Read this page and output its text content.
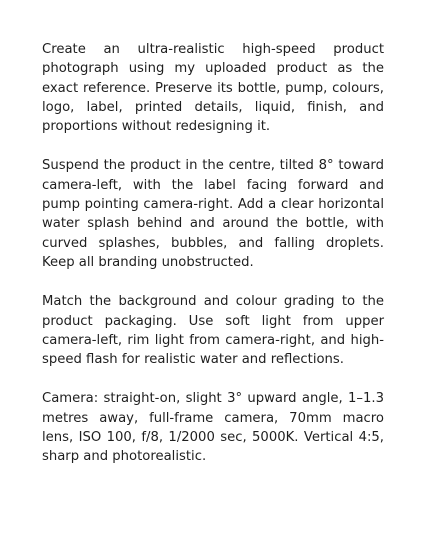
Create an ultra-realistic high-speed product photograph using my uploaded product as the exact reference. Preserve its bottle, pump, colours, logo, label, printed details, liquid, finish, and proportions without redesigning it.

Suspend the product in the centre, tilted 8° toward camera-left, with the label facing forward and pump pointing camera-right. Add a clear horizontal water splash behind and around the bottle, with curved splashes, bubbles, and falling droplets. Keep all branding unobstructed.

Match the background and colour grading to the product packaging. Use soft light from upper camera-left, rim light from camera-right, and high-speed flash for realistic water and reflections.

Camera: straight-on, slight 3° upward angle, 1–1.3 metres away, full-frame camera, 70mm macro lens, ISO 100, f/8, 1/2000 sec, 5000K. Vertical 4:5, sharp and photorealistic.
